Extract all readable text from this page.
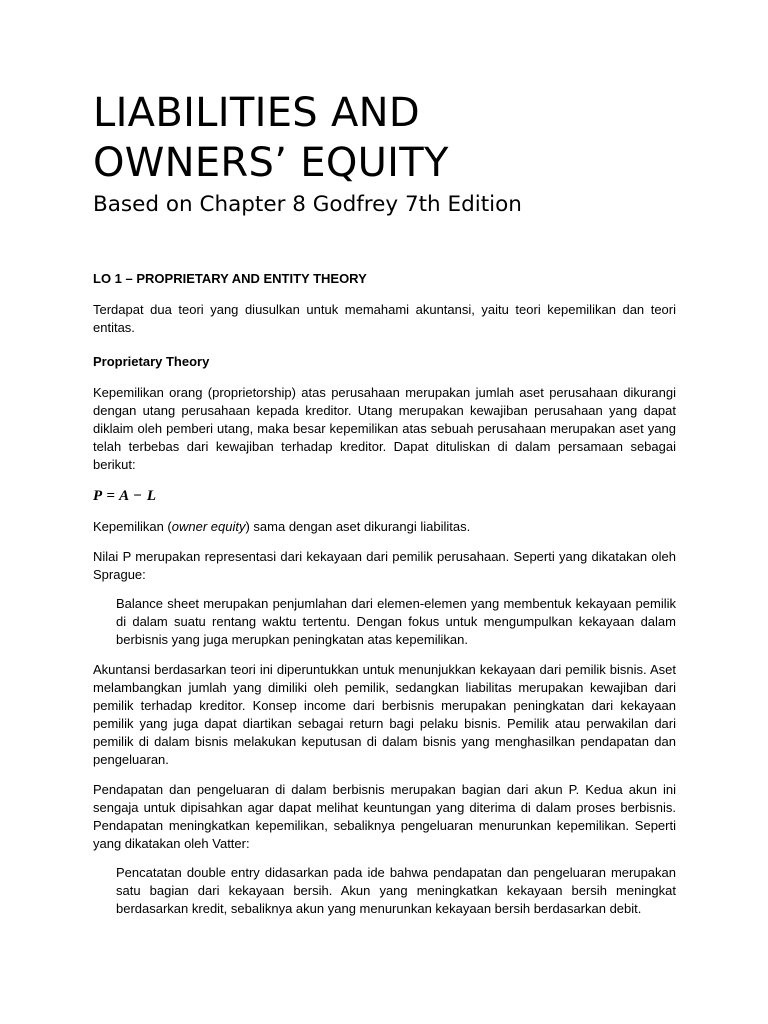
LIABILITIES AND
OWNERS’ EQUITY

Based on Chapter 8 Godfrey 7th Edition

LO 1 – PROPRIETARY AND ENTITY THEORY

Terdapat dua teori yang diusulkan untuk memahami akuntansi, yaitu teori kepemilikan dan teori entitas.

Proprietary Theory

Kepemilikan orang (proprietorship) atas perusahaan merupakan jumlah aset perusahaan dikurangi dengan utang perusahaan kepada kreditor. Utang merupakan kewajiban perusahaan yang dapat diklaim oleh pemberi utang, maka besar kepemilikan atas sebuah perusahaan merupakan aset yang telah terbebas dari kewajiban terhadap kreditor. Dapat dituliskan di dalam persamaan sebagai berikut:

P = A − L

Kepemilikan (owner equity) sama dengan aset dikurangi liabilitas.

Nilai P merupakan representasi dari kekayaan dari pemilik perusahaan. Seperti yang dikatakan oleh Sprague:

Balance sheet merupakan penjumlahan dari elemen-elemen yang membentuk kekayaan pemilik di dalam suatu rentang waktu tertentu. Dengan fokus untuk mengumpulkan kekayaan dalam berbisnis yang juga merupkan peningkatan atas kepemilikan.

Akuntansi berdasarkan teori ini diperuntukkan untuk menunjukkan kekayaan dari pemilik bisnis. Aset melambangkan jumlah yang dimiliki oleh pemilik, sedangkan liabilitas merupakan kewajiban dari pemilik terhadap kreditor. Konsep income dari berbisnis merupakan peningkatan dari kekayaan pemilik yang juga dapat diartikan sebagai return bagi pelaku bisnis. Pemilik atau perwakilan dari pemilik di dalam bisnis melakukan keputusan di dalam bisnis yang menghasilkan pendapatan dan pengeluaran.

Pendapatan dan pengeluaran di dalam berbisnis merupakan bagian dari akun P. Kedua akun ini sengaja untuk dipisahkan agar dapat melihat keuntungan yang diterima di dalam proses berbisnis. Pendapatan meningkatkan kepemilikan, sebaliknya pengeluaran menurunkan kepemilikan. Seperti yang dikatakan oleh Vatter:

Pencatatan double entry didasarkan pada ide bahwa pendapatan dan pengeluaran merupakan satu bagian dari kekayaan bersih. Akun yang meningkatkan kekayaan bersih meningkat berdasarkan kredit, sebaliknya akun yang menurunkan kekayaan bersih berdasarkan debit.
